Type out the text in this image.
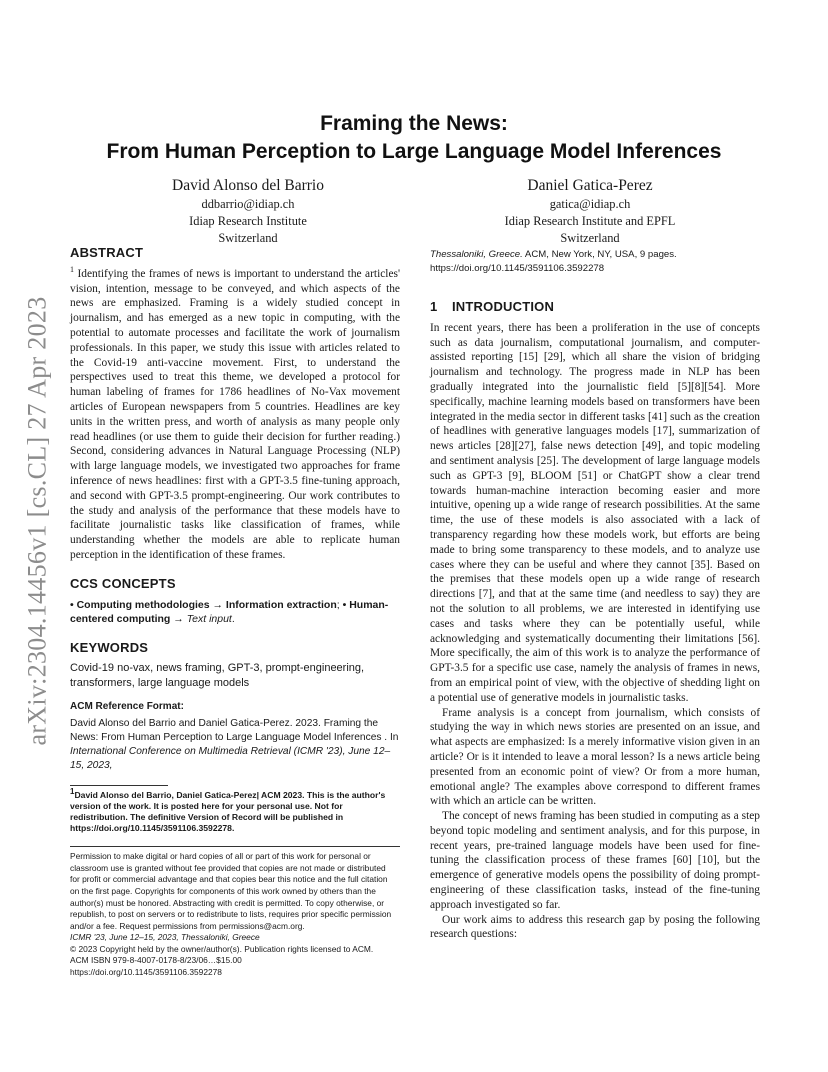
arXiv:2304.14456v1 [cs.CL] 27 Apr 2023
Framing the News:
From Human Perception to Large Language Model Inferences
David Alonso del Barrio
ddbarrio@idiap.ch
Idiap Research Institute
Switzerland
Daniel Gatica-Perez
gatica@idiap.ch
Idiap Research Institute and EPFL
Switzerland
ABSTRACT

$^1$ Identifying the frames of news is important to understand the articles' vision, intention, message to be conveyed, and which aspects of the news are emphasized. Framing is a widely studied concept in journalism, and has emerged as a new topic in computing, with the potential to automate processes and facilitate the work of journalism professionals. In this paper, we study this issue with articles related to the Covid-19 anti-vaccine movement. First, to understand the perspectives used to treat this theme, we developed a protocol for human labeling of frames for 1786 headlines of No-Vax movement articles of European newspapers from 5 countries. Headlines are key units in the written press, and worth of analysis as many people only read headlines (or use them to guide their decision for further reading.) Second, considering advances in Natural Language Processing (NLP) with large language models, we investigated two approaches for frame inference of news headlines: first with a GPT-3.5 fine-tuning approach, and second with GPT-3.5 prompt-engineering. Our work contributes to the study and analysis of the performance that these models have to facilitate journalistic tasks like classification of frames, while understanding whether the models are able to replicate human perception in the identification of these frames.

CCS CONCEPTS

• Computing methodologies → Information extraction; • Human-centered computing → Text input.

KEYWORDS

Covid-19 no-vax, news framing, GPT-3, prompt-engineering, transformers, large language models

ACM Reference Format:

David Alonso del Barrio and Daniel Gatica-Perez. 2023. Framing the News: From Human Perception to Large Language Model Inferences . In International Conference on Multimedia Retrieval (ICMR '23), June 12–15, 2023,

1David Alonso del Barrio, Daniel Gatica-Perez| ACM 2023. This is the author's version of the work. It is posted here for your personal use. Not for redistribution. The definitive Version of Record will be published in https://doi.org/10.1145/3591106.3592278.

Permission to make digital or hard copies of all or part of this work for personal or
classroom use is granted without fee provided that copies are not made or distributed
for profit or commercial advantage and that copies bear this notice and the full citation
on the first page. Copyrights for components of this work owned by others than the
author(s) must be honored. Abstracting with credit is permitted. To copy otherwise, or
republish, to post on servers or to redistribute to lists, requires prior specific permission
and/or a fee. Request permissions from permissions@acm.org.
ICMR '23, June 12–15, 2023, Thessaloniki, Greece
© 2023 Copyright held by the owner/author(s). Publication rights licensed to ACM.
ACM ISBN 979-8-4007-0178-8/23/06…$15.00
https://doi.org/10.1145/3591106.3592278

Thessaloniki, Greece. ACM, New York, NY, USA, 9 pages. https://doi.org/10.1145/3591106.3592278

1 INTRODUCTION

In recent years, there has been a proliferation in the use of concepts such as data journalism, computational journalism, and computer-assisted reporting [15] [29], which all share the vision of bridging journalism and technology. The progress made in NLP has been gradually integrated into the journalistic field [5][8][54]. More specifically, machine learning models based on transformers have been integrated in the media sector in different tasks [41] such as the creation of headlines with generative languages models [17], summarization of news articles [28][27], false news detection [49], and topic modeling and sentiment analysis [25]. The development of large language models such as GPT-3 [9], BLOOM [51] or ChatGPT show a clear trend towards human-machine interaction becoming easier and more intuitive, opening up a wide range of research possibilities. At the same time, the use of these models is also associated with a lack of transparency regarding how these models work, but efforts are being made to bring some transparency to these models, and to analyze use cases where they can be useful and where they cannot [35]. Based on the premises that these models open up a wide range of research directions [7], and that at the same time (and needless to say) they are not the solution to all problems, we are interested in identifying use cases and tasks where they can be potentially useful, while acknowledging and systematically documenting their limitations [56]. More specifically, the aim of this work is to analyze the performance of GPT-3.5 for a specific use case, namely the analysis of frames in news, from an empirical point of view, with the objective of shedding light on a potential use of generative models in journalistic tasks.

Frame analysis is a concept from journalism, which consists of studying the way in which news stories are presented on an issue, and what aspects are emphasized: Is a merely informative vision given in an article? Or is it intended to leave a moral lesson? Is a news article being presented from an economic point of view? Or from a more human, emotional angle? The examples above correspond to different frames with which an article can be written.

The concept of news framing has been studied in computing as a step beyond topic modeling and sentiment analysis, and for this purpose, in recent years, pre-trained language models have been used for fine-tuning the classification process of these frames [60] [10], but the emergence of generative models opens the possibility of doing prompt-engineering of these classification tasks, instead of the fine-tuning approach investigated so far.

Our work aims to address this research gap by posing the following research questions:
